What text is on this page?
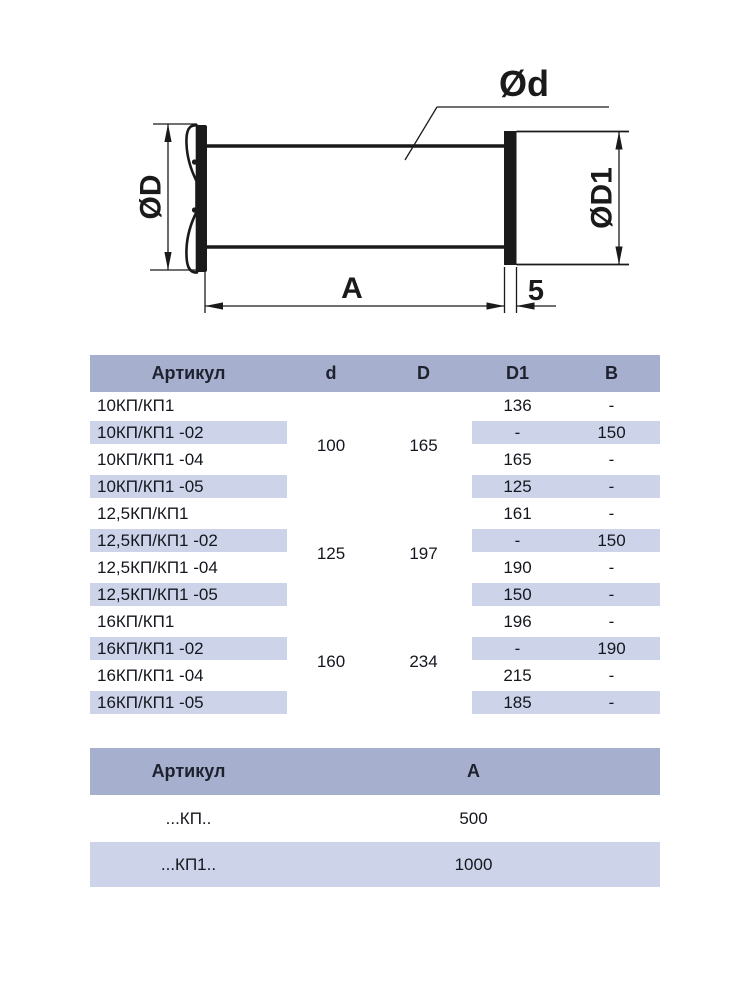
Ød
ØD	ØD1
A	5
Артикул	d	D	D1	B
10КП/КП1	100	165	136	-
10КП/КП1 -02			-	150
10КП/КП1 -04			165	-
10КП/КП1 -05			125	-
12,5КП/КП1	125	197	161	-
12,5КП/КП1 -02			-	150
12,5КП/КП1 -04			190	-
12,5КП/КП1 -05			150	-
16КП/КП1	160	234	196	-
16КП/КП1 -02			-	190
16КП/КП1 -04			215	-
16КП/КП1 -05			185	-
Артикул	А
...КП..	500
...КП1..	1000
